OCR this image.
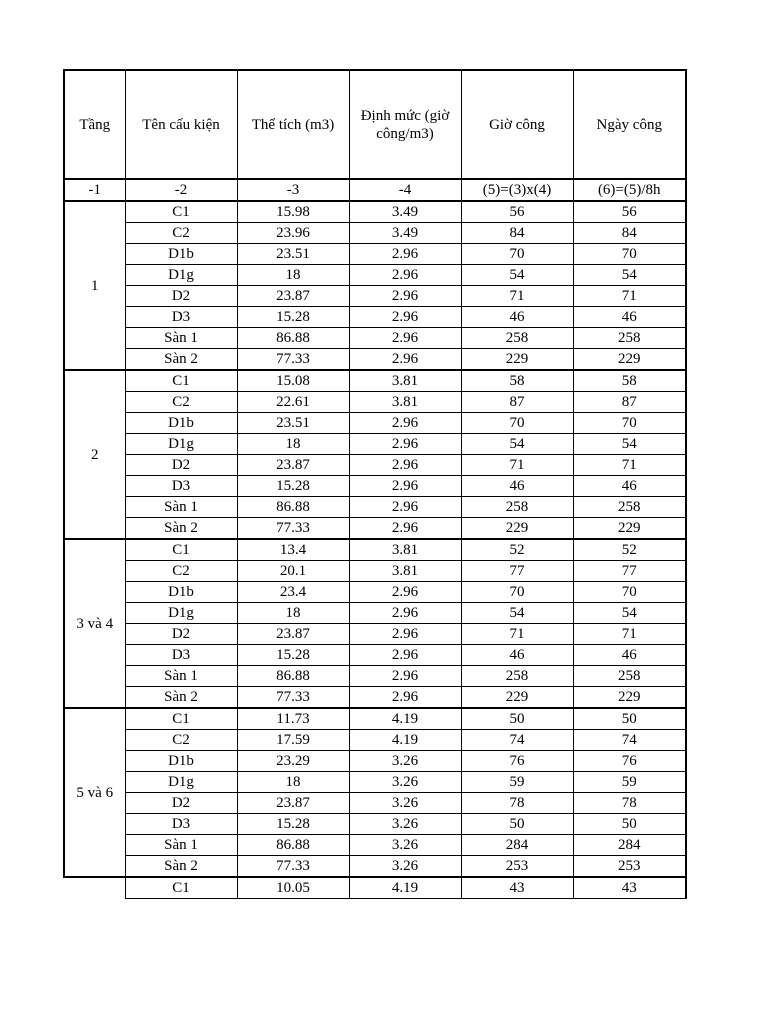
Tầng	Tên cấu kiện	Thể tích (m3)	Định mức (giờ công/m3)	Giờ công	Ngày công
-1	-2	-3	-4	(5)=(3)x(4)	(6)=(5)/8h
1	C1	15.98	3.49	56	56
	C2	23.96	3.49	84	84
	D1b	23.51	2.96	70	70
	D1g	18	2.96	54	54
	D2	23.87	2.96	71	71
	D3	15.28	2.96	46	46
	Sàn 1	86.88	2.96	258	258
	Sàn 2	77.33	2.96	229	229
2	C1	15.08	3.81	58	58
	C2	22.61	3.81	87	87
	D1b	23.51	2.96	70	70
	D1g	18	2.96	54	54
	D2	23.87	2.96	71	71
	D3	15.28	2.96	46	46
	Sàn 1	86.88	2.96	258	258
	Sàn 2	77.33	2.96	229	229
3 và 4	C1	13.4	3.81	52	52
	C2	20.1	3.81	77	77
	D1b	23.4	2.96	70	70
	D1g	18	2.96	54	54
	D2	23.87	2.96	71	71
	D3	15.28	2.96	46	46
	Sàn 1	86.88	2.96	258	258
	Sàn 2	77.33	2.96	229	229
5 và 6	C1	11.73	4.19	50	50
	C2	17.59	4.19	74	74
	D1b	23.29	3.26	76	76
	D1g	18	3.26	59	59
	D2	23.87	3.26	78	78
	D3	15.28	3.26	50	50
	Sàn 1	86.88	3.26	284	284
	Sàn 2	77.33	3.26	253	253
	C1	10.05	4.19	43	43
